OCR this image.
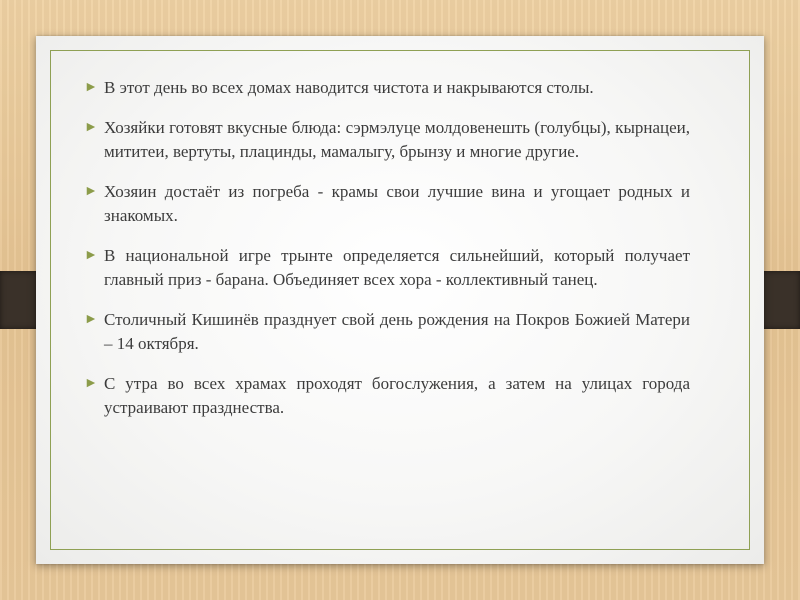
► В этот день во всех домах наводится чистота и накрываются столы.
► Хозяйки готовят вкусные блюда: сэрмэлуце молдовенешть (голубцы), кырнацеи, мититеи, вертуты, плацинды, мамалыгу, брынзу и многие другие.
► Хозяин достаёт из погреба - крамы свои лучшие вина и угощает родных и знакомых.
► В национальной игре трынте определяется сильнейший, который получает главный приз - барана. Объединяет всех хора - коллективный танец.
► Столичный Кишинёв празднует свой день рождения на Покров Божией Матери – 14 октября.
► С утра во всех храмах проходят богослужения, а затем на улицах города устраивают празднества.
